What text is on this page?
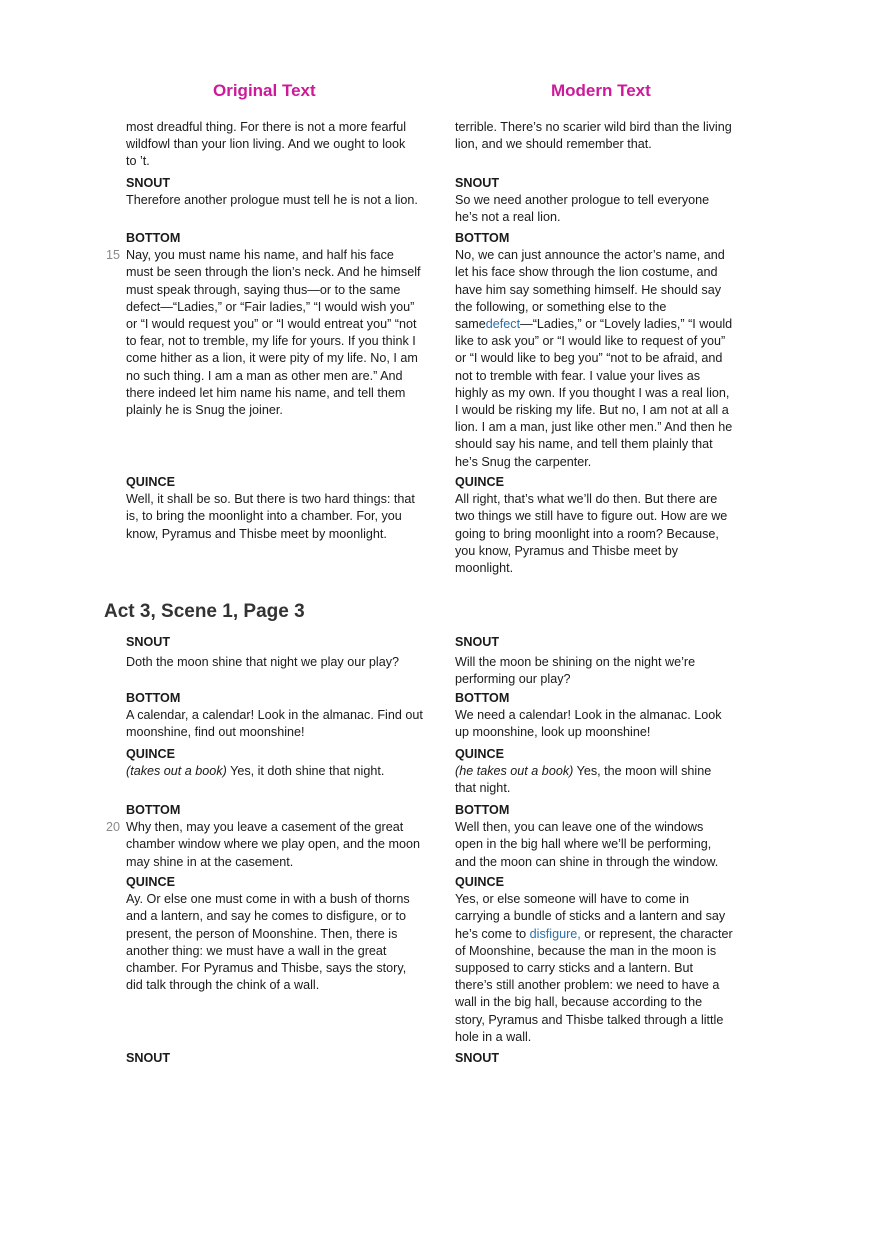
Original Text	Modern Text
most dreadful thing. For there is not a more fearful
wildfowl than your lion living. And we ought to look
to ’t.
terrible. There’s no scarier wild bird than the living
lion, and we should remember that.
SNOUT
Therefore another prologue must tell he is not a lion.
SNOUT
So we need another prologue to tell everyone
he’s not a real lion.
BOTTOM
15 Nay, you must name his name, and half his face
must be seen through the lion’s neck. And he himself
must speak through, saying thus—or to the same
defect—“Ladies,” or “Fair ladies,” “I would wish you”
or “I would request you” or “I would entreat you” “not
to fear, not to tremble, my life for yours. If you think I
come hither as a lion, it were pity of my life. No, I am
no such thing. I am a man as other men are.” And
there indeed let him name his name, and tell them
plainly he is Snug the joiner.
BOTTOM
No, we can just announce the actor’s name, and
let his face show through the lion costume, and
have him say something himself. He should say
the following, or something else to the
samedefect—“Ladies,” or “Lovely ladies,” “I would
like to ask you” or “I would like to request of you”
or “I would like to beg you” “not to be afraid, and
not to tremble with fear. I value your lives as
highly as my own. If you thought I was a real lion,
I would be risking my life. But no, I am not at all a
lion. I am a man, just like other men.” And then he
should say his name, and tell them plainly that
he’s Snug the carpenter.
QUINCE
Well, it shall be so. But there is two hard things: that
is, to bring the moonlight into a chamber. For, you
know, Pyramus and Thisbe meet by moonlight.
QUINCE
All right, that’s what we’ll do then. But there are
two things we still have to figure out. How are we
going to bring moonlight into a room? Because,
you know, Pyramus and Thisbe meet by
moonlight.
Act 3, Scene 1, Page 3
SNOUT
Doth the moon shine that night we play our play?
SNOUT
Will the moon be shining on the night we’re
performing our play?
BOTTOM
A calendar, a calendar! Look in the almanac. Find out
moonshine, find out moonshine!
BOTTOM
We need a calendar! Look in the almanac. Look
up moonshine, look up moonshine!
QUINCE
(takes out a book) Yes, it doth shine that night.
QUINCE
(he takes out a book) Yes, the moon will shine
that night.
BOTTOM
20 Why then, may you leave a casement of the great
chamber window where we play open, and the moon
may shine in at the casement.
BOTTOM
Well then, you can leave one of the windows
open in the big hall where we’ll be performing,
and the moon can shine in through the window.
QUINCE
Ay. Or else one must come in with a bush of thorns
and a lantern, and say he comes to disfigure, or to
present, the person of Moonshine. Then, there is
another thing: we must have a wall in the great
chamber. For Pyramus and Thisbe, says the story,
did talk through the chink of a wall.
QUINCE
Yes, or else someone will have to come in
carrying a bundle of sticks and a lantern and say
he’s come to disfigure, or represent, the character
of Moonshine, because the man in the moon is
supposed to carry sticks and a lantern. But
there’s still another problem: we need to have a
wall in the big hall, because according to the
story, Pyramus and Thisbe talked through a little
hole in a wall.
SNOUT	SNOUT
